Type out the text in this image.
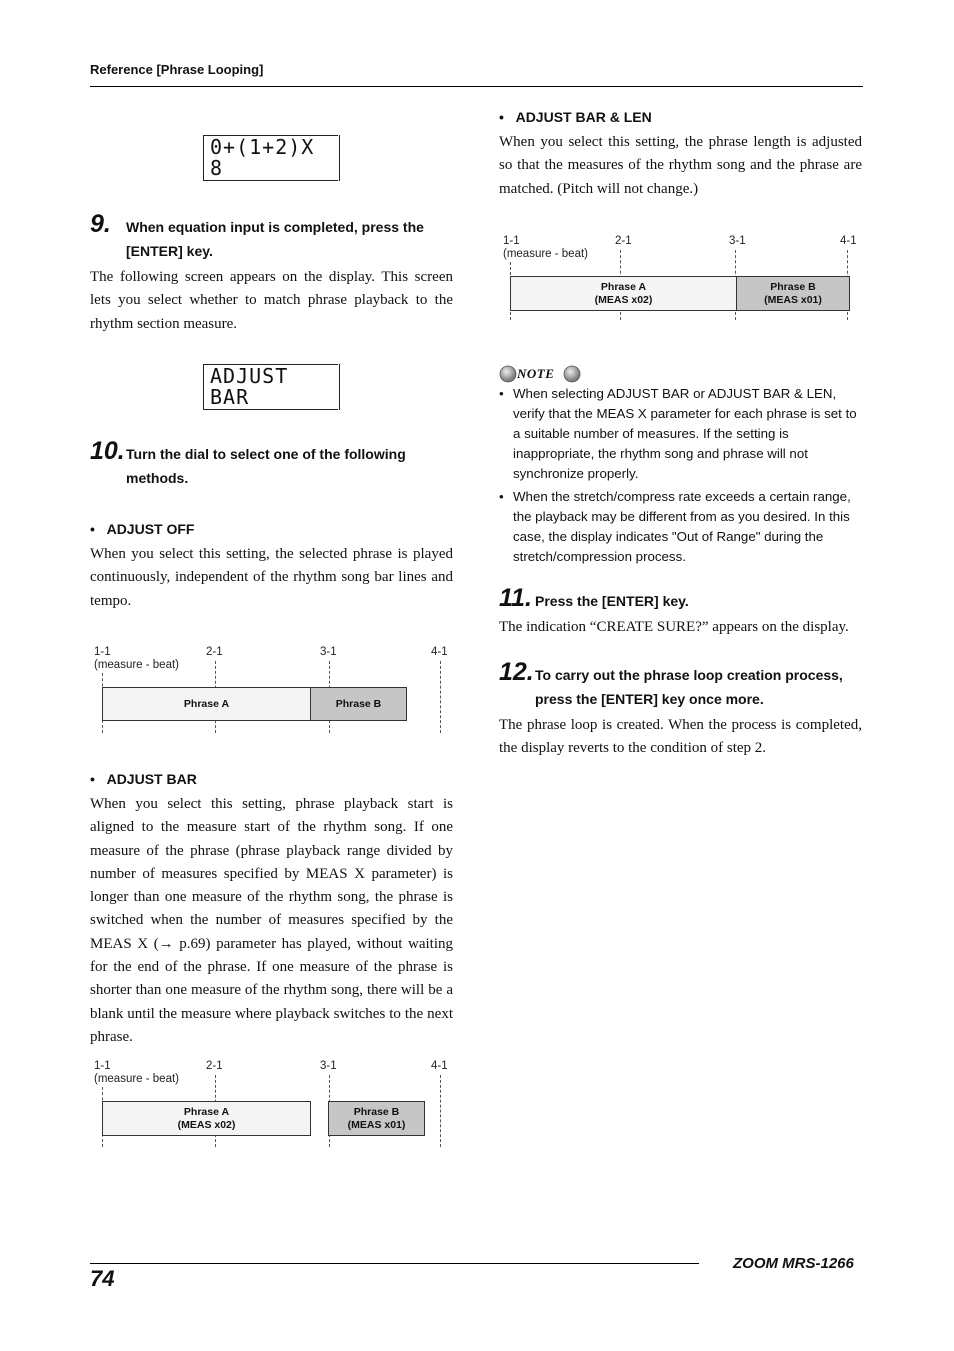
Reference [Phrase Looping]
0+(1+2)X
8
9. When equation input is completed, press the
[ENTER] key.
The following screen appears on the display. This screen lets you select whether to match phrase playback to the rhythm section measure.
ADJUST
BAR
10. Turn the dial to select one of the following
methods.
•   ADJUST OFF
When you select this setting, the selected phrase is played continuously, independent of the rhythm song bar lines and tempo.
1-1	2-1	3-1	4-1
(measure - beat)
Phrase A	Phrase B
•   ADJUST BAR
When you select this setting, phrase playback start is aligned to the measure start of the rhythm song. If one measure of the phrase (phrase playback range divided by number of measures specified by MEAS X parameter) is longer than one measure of the rhythm song, the phrase is switched when the number of measures specified by the MEAS X (→ p.69) parameter has played, without waiting for the end of the phrase. If one measure of the phrase is shorter than one measure of the rhythm song, there will be a blank until the measure where playback switches to the next phrase.
1-1	2-1	3-1	4-1
(measure - beat)
Phrase A
(MEAS x02)
Phrase B
(MEAS x01)
•   ADJUST BAR & LEN
When you select this setting, the phrase length is adjusted so that the measures of the rhythm song and the phrase are matched. (Pitch will not change.)
1-1	2-1	3-1	4-1
(measure - beat)
Phrase A
(MEAS x02)
Phrase B
(MEAS x01)
NOTE
• When selecting ADJUST BAR or ADJUST BAR & LEN, verify that the MEAS X parameter for each phrase is set to a suitable number of measures. If the setting is inappropriate, the rhythm song and phrase will not synchronize properly.
• When the stretch/compress rate exceeds a certain range, the playback may be different from as you desired. In this case, the display indicates "Out of Range" during the stretch/compression process.
11. Press the [ENTER] key.
The indication “CREATE SURE?” appears on the display.
12. To carry out the phrase loop creation process,
press the [ENTER] key once more.
The phrase loop is created. When the process is completed, the display reverts to the condition of step 2.
74
ZOOM MRS-1266
